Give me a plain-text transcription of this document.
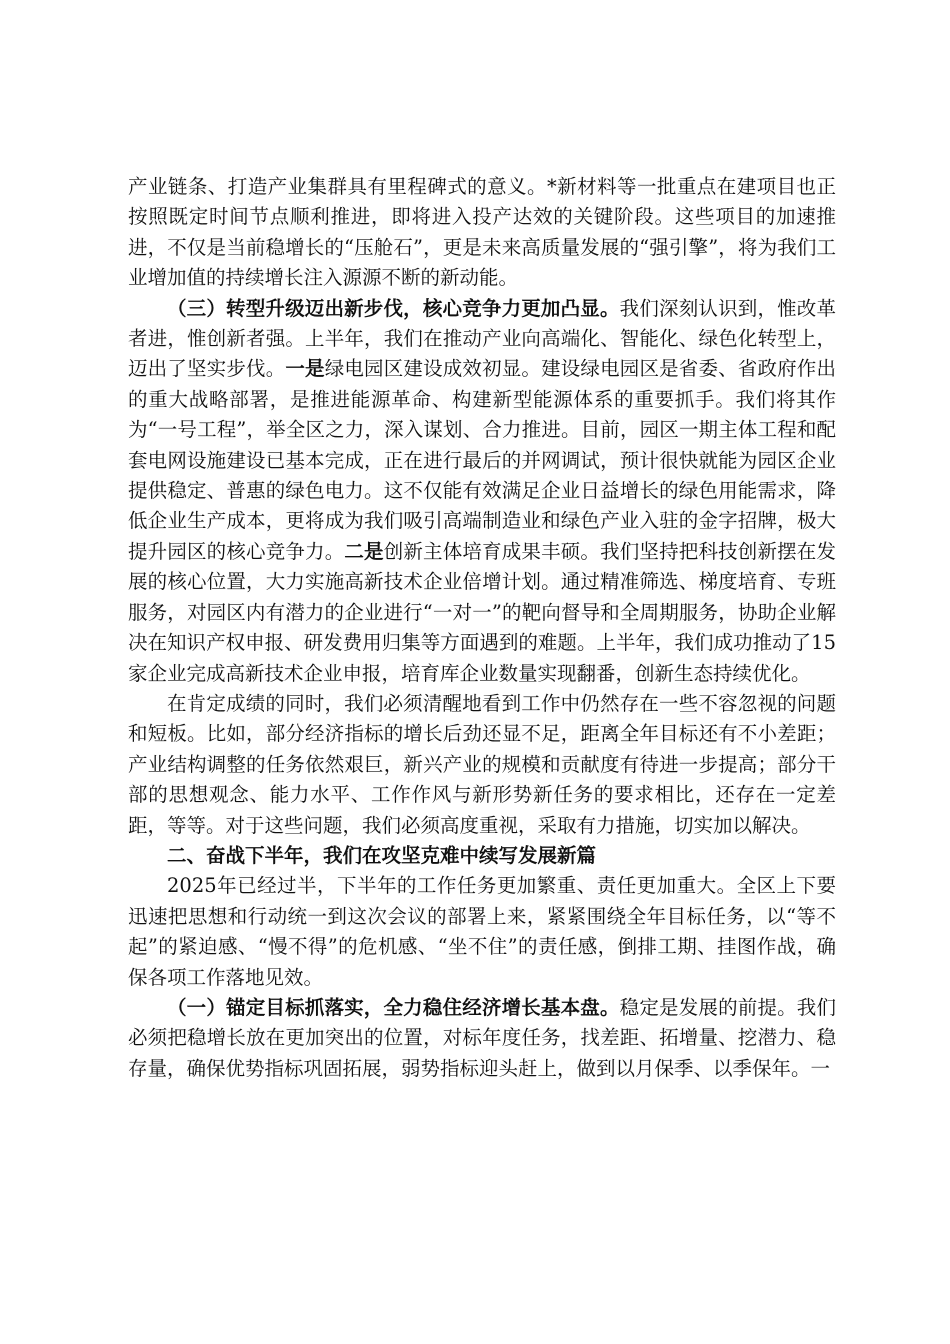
产业链条、打造产业集群具有里程碑式的意义。*新材料等一批重点在建项目也正按照既定时间节点顺利推进，即将进入投产达效的关键阶段。这些项目的加速推进，不仅是当前稳增长的“压舱石”，更是未来高质量发展的“强引擎”，将为我们工业增加值的持续增长注入源源不断的新动能。

（三）转型升级迈出新步伐，核心竞争力更加凸显。我们深刻认识到，惟改革者进，惟创新者强。上半年，我们在推动产业向高端化、智能化、绿色化转型上，迈出了坚实步伐。一是绿电园区建设成效初显。建设绿电园区是省委、省政府作出的重大战略部署，是推进能源革命、构建新型能源体系的重要抓手。我们将其作为“一号工程”，举全区之力，深入谋划、合力推进。目前，园区一期主体工程和配套电网设施建设已基本完成，正在进行最后的并网调试，预计很快就能为园区企业提供稳定、普惠的绿色电力。这不仅能有效满足企业日益增长的绿色用能需求，降低企业生产成本，更将成为我们吸引高端制造业和绿色产业入驻的金字招牌，极大提升园区的核心竞争力。二是创新主体培育成果丰硕。我们坚持把科技创新摆在发展的核心位置，大力实施高新技术企业倍增计划。通过精准筛选、梯度培育、专班服务，对园区内有潜力的企业进行“一对一”的靶向督导和全周期服务，协助企业解决在知识产权申报、研发费用归集等方面遇到的难题。上半年，我们成功推动了15家企业完成高新技术企业申报，培育库企业数量实现翻番，创新生态持续优化。

在肯定成绩的同时，我们必须清醒地看到工作中仍然存在一些不容忽视的问题和短板。比如，部分经济指标的增长后劲还显不足，距离全年目标还有不小差距；产业结构调整的任务依然艰巨，新兴产业的规模和贡献度有待进一步提高；部分干部的思想观念、能力水平、工作作风与新形势新任务的要求相比，还存在一定差距，等等。对于这些问题，我们必须高度重视，采取有力措施，切实加以解决。

二、奋战下半年，我们在攻坚克难中续写发展新篇

2025年已经过半，下半年的工作任务更加繁重、责任更加重大。全区上下要迅速把思想和行动统一到这次会议的部署上来，紧紧围绕全年目标任务，以“等不起”的紧迫感、“慢不得”的危机感、“坐不住”的责任感，倒排工期、挂图作战，确保各项工作落地见效。

（一）锚定目标抓落实，全力稳住经济增长基本盘。稳定是发展的前提。我们必须把稳增长放在更加突出的位置，对标年度任务，找差距、拓增量、挖潜力、稳存量，确保优势指标巩固拓展，弱势指标迎头赶上，做到以月保季、以季保年。一
